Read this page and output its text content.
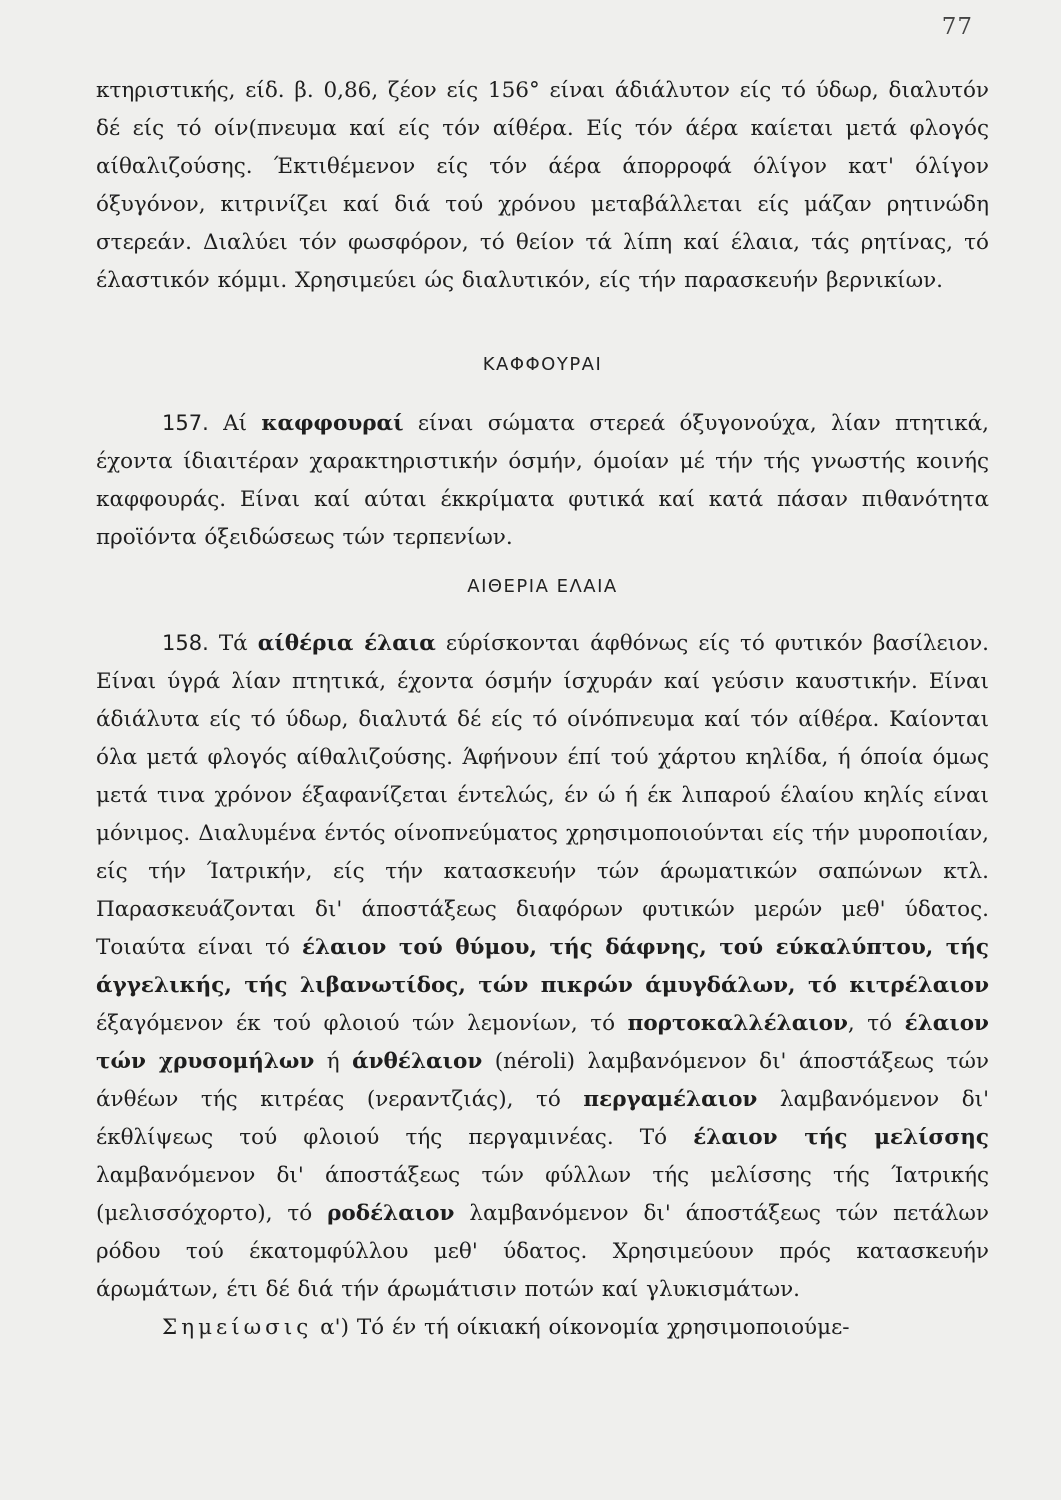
77

κτηριστικής, είδ. β. 0,86, ζέον είς 156° είναι άδιάλυτον είς τό ύδωρ, διαλυτόν δέ είς τό οίν(πνευμα καί είς τόν αίθέρα. Είς τόν άέρα καίεται μετά φλογός αίθαλιζούσης. Έκτιθέμενον είς τόν άέρα άπορροφά όλίγον κατ' όλίγον όξυγόνον, κιτρινίζει καί διά τού χρόνου μεταβάλλεται είς μάζαν ρητινώδη στερεάν. Διαλύει τόν φωσφόρον, τό θείον τά λίπη καί έλαια, τάς ρητίνας, τό έλαστικόν κόμμι. Χρησιμεύει ώς διαλυτικόν, είς τήν παρασκευήν βερνικίων.

ΚΑΦΦΟΥΡΑΙ

157. Αί καφφουραί είναι σώματα στερεά όξυγονούχα, λίαν πτητικά, έχοντα ίδιαιτέραν χαρακτηριστικήν όσμήν, όμοίαν μέ τήν τής γνωστής κοινής καφφουράς. Είναι καί αύται έκκρίματα φυτικά καί κατά πάσαν πιθανότητα προϊόντα όξειδώσεως τών τερπενίων.

ΑΙΘΕΡΙΑ ΕΛΑΙΑ

158. Τά αίθέρια έλαια εύρίσκονται άφθόνως είς τό φυτικόν βασίλειον. Είναι ύγρά λίαν πτητικά, έχοντα όσμήν ίσχυράν καί γεύσιν καυστικήν. Είναι άδιάλυτα είς τό ύδωρ, διαλυτά δέ είς τό οίνόπνευμα καί τόν αίθέρα. Καίονται όλα μετά φλογός αίθαλιζούσης. Άφήνουν έπί τού χάρτου κηλίδα, ή όποία όμως μετά τινα χρόνον έξαφανίζεται έντελώς, έν ώ ή έκ λιπαρού έλαίου κηλίς είναι μόνιμος. Διαλυμένα έντός οίνοπνεύματος χρησιμοποιούνται είς τήν μυροποιίαν, είς τήν Ίατρικήν, είς τήν κατασκευήν τών άρωματικών σαπώνων κτλ. Παρασκευάζονται δι' άποστάξεως διαφόρων φυτικών μερών μεθ' ύδατος. Τοιαύτα είναι τό έλαιον τού θύμου, τής δάφνης, τού εύκαλύπτου, τής άγγελικής, τής λιβανωτίδος, τών πικρών άμυγδάλων, τό κιτρέλαιον έξαγόμενον έκ τού φλοιού τών λεμονίων, τό πορτοκαλλέλαιον, τό έλαιον τών χρυσομήλων ή άνθέλαιον (néroli) λαμβανόμενον δι' άποστάξεως τών άνθέων τής κιτρέας (νεραντζιάς), τό περγαμέλαιον λαμβανόμενον δι' έκθλίψεως τού φλοιού τής περγαμινέας. Τό έλαιον τής μελίσσης λαμβανόμενον δι' άποστάξεως τών φύλλων τής μελίσσης τής Ίατρικής (μελισσόχορτο), τό ροδέλαιον λαμβανόμενον δι' άποστάξεως τών πετάλων ρόδου τού έκατομφύλλου μεθ' ύδατος. Χρησιμεύουν πρός κατασκευήν άρωμάτων, έτι δέ διά τήν άρωμάτισιν ποτών καί γλυκισμάτων.

Σημείωσις α') Τό έν τή οίκιακή οίκονομία χρησιμοποιούμε-
